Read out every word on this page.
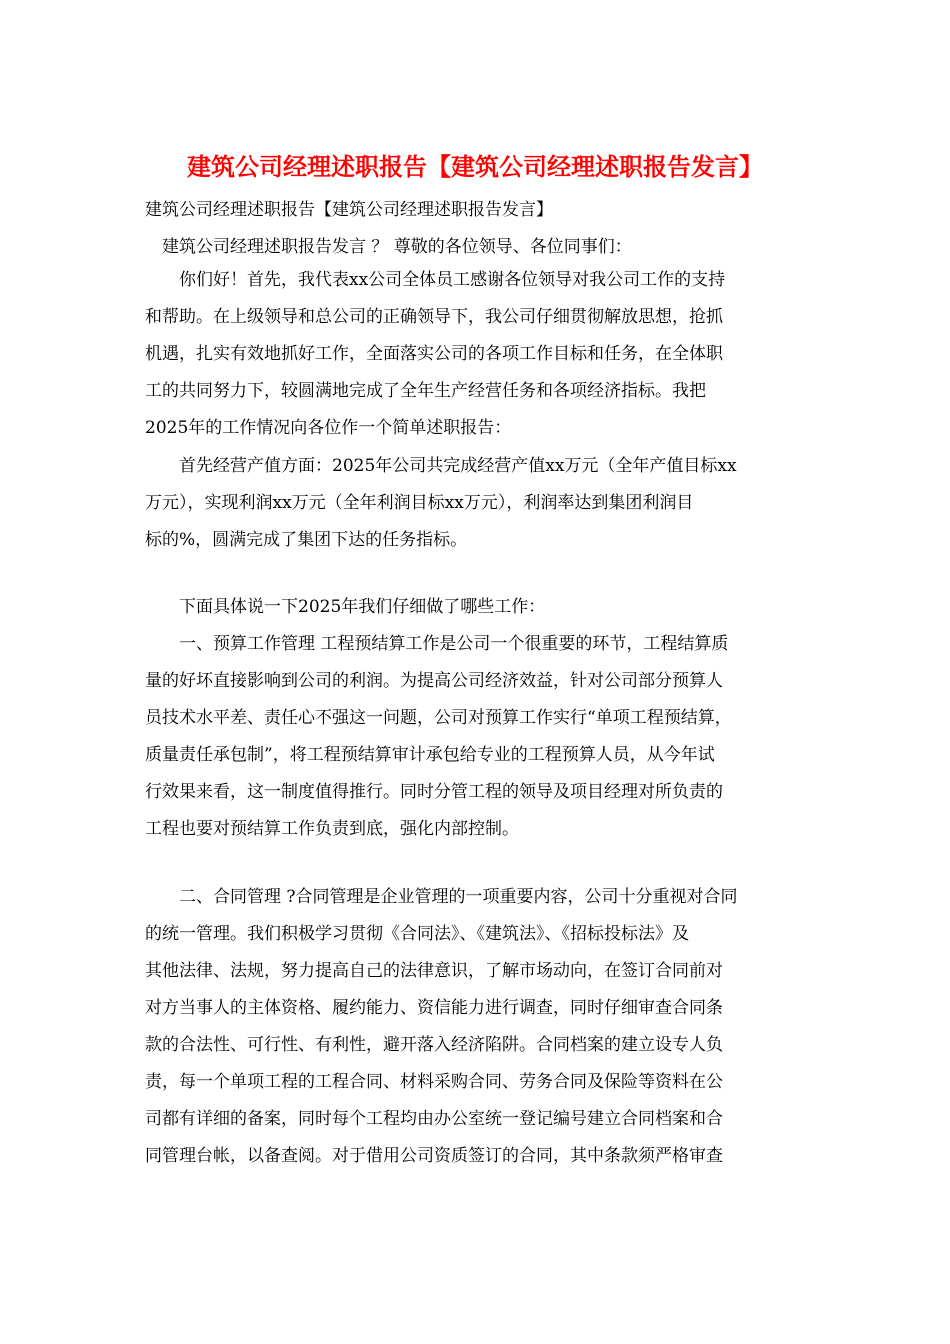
建筑公司经理述职报告【建筑公司经理述职报告发言】
建筑公司经理述职报告【建筑公司经理述职报告发言】
　建筑公司经理述职报告发言 ？ 尊敬的各位领导、各位同事们：
　　你们好！首先，我代表xx公司全体员工感谢各位领导对我公司工作的支持
和帮助。在上级领导和总公司的正确领导下，我公司仔细贯彻解放思想，抢抓
机遇，扎实有效地抓好工作，全面落实公司的各项工作目标和任务，在全体职
工的共同努力下，较圆满地完成了全年生产经营任务和各项经济指标。我把
2025年的工作情况向各位作一个简单述职报告：
　　首先经营产值方面：2025年公司共完成经营产值xx万元（全年产值目标xx
万元），实现利润xx万元（全年利润目标xx万元），利润率达到集团利润目
标的%，圆满完成了集团下达的任务指标。
　　下面具体说一下2025年我们仔细做了哪些工作：
　　一、预算工作管理 工程预结算工作是公司一个很重要的环节，工程结算质
量的好坏直接影响到公司的利润。为提高公司经济效益，针对公司部分预算人
员技术水平差、责任心不强这一问题，公司对预算工作实行“单项工程预结算，
质量责任承包制”，将工程预结算审计承包给专业的工程预算人员，从今年试
行效果来看，这一制度值得推行。同时分管工程的领导及项目经理对所负责的
工程也要对预结算工作负责到底，强化内部控制。
　　二、合同管理 ?合同管理是企业管理的一项重要内容，公司十分重视对合同
的统一管理。我们积极学习贯彻《合同法》、《建筑法》、《招标投标法》及
其他法律、法规，努力提高自己的法律意识，了解市场动向，在签订合同前对
对方当事人的主体资格、履约能力、资信能力进行调查，同时仔细审查合同条
款的合法性、可行性、有利性，避开落入经济陷阱。合同档案的建立设专人负
责，每一个单项工程的工程合同、材料采购合同、劳务合同及保险等资料在公
司都有详细的备案，同时每个工程均由办公室统一登记编号建立合同档案和合
同管理台帐，以备查阅。对于借用公司资质签订的合同，其中条款须严格审查
